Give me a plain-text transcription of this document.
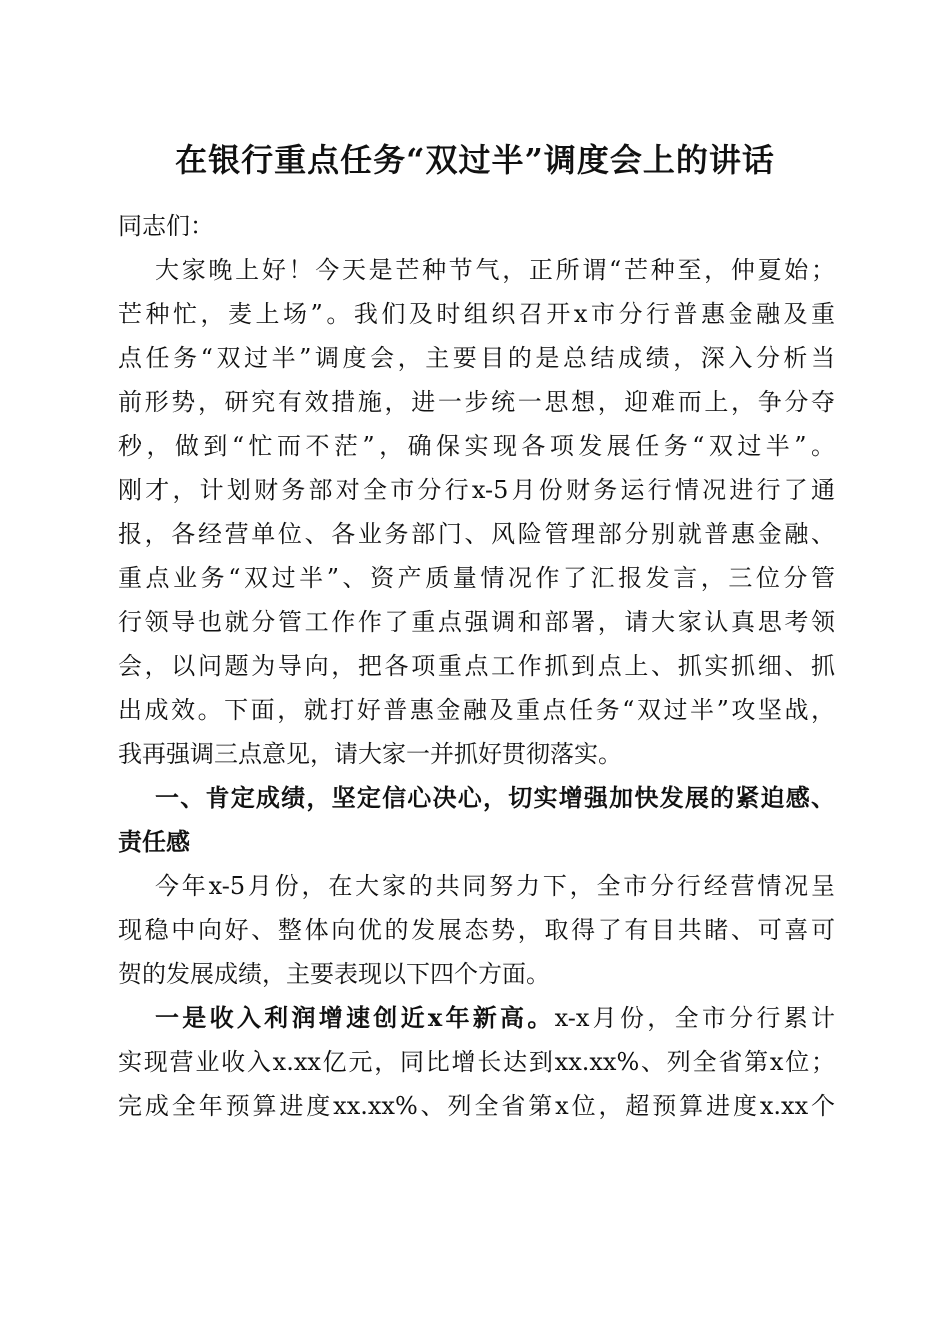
在银行重点任务“双过半”调度会上的讲话
同志们：
大家晚上好！今天是芒种节气，正所谓“芒种至，仲夏始；
芒种忙，麦上场”。我们及时组织召开x市分行普惠金融及重
点任务“双过半”调度会，主要目的是总结成绩，深入分析当
前形势，研究有效措施，进一步统一思想，迎难而上，争分夺
秒，做到“忙而不茫”，确保实现各项发展任务“双过半”。
刚才，计划财务部对全市分行x-5月份财务运行情况进行了通
报，各经营单位、各业务部门、风险管理部分别就普惠金融、
重点业务“双过半”、资产质量情况作了汇报发言，三位分管
行领导也就分管工作作了重点强调和部署，请大家认真思考领
会，以问题为导向，把各项重点工作抓到点上、抓实抓细、抓
出成效。下面，就打好普惠金融及重点任务“双过半”攻坚战，
我再强调三点意见，请大家一并抓好贯彻落实。
一、肯定成绩，坚定信心决心，切实增强加快发展的紧迫感、
责任感
今年x-5月份，在大家的共同努力下，全市分行经营情况呈
现稳中向好、整体向优的发展态势，取得了有目共睹、可喜可
贺的发展成绩，主要表现以下四个方面。
一是收入利润增速创近x年新高。x-x月份，全市分行累计
实现营业收入x.xx亿元，同比增长达到xx.xx%、列全省第x位；
完成全年预算进度xx.xx%、列全省第x位，超预算进度x.xx个
